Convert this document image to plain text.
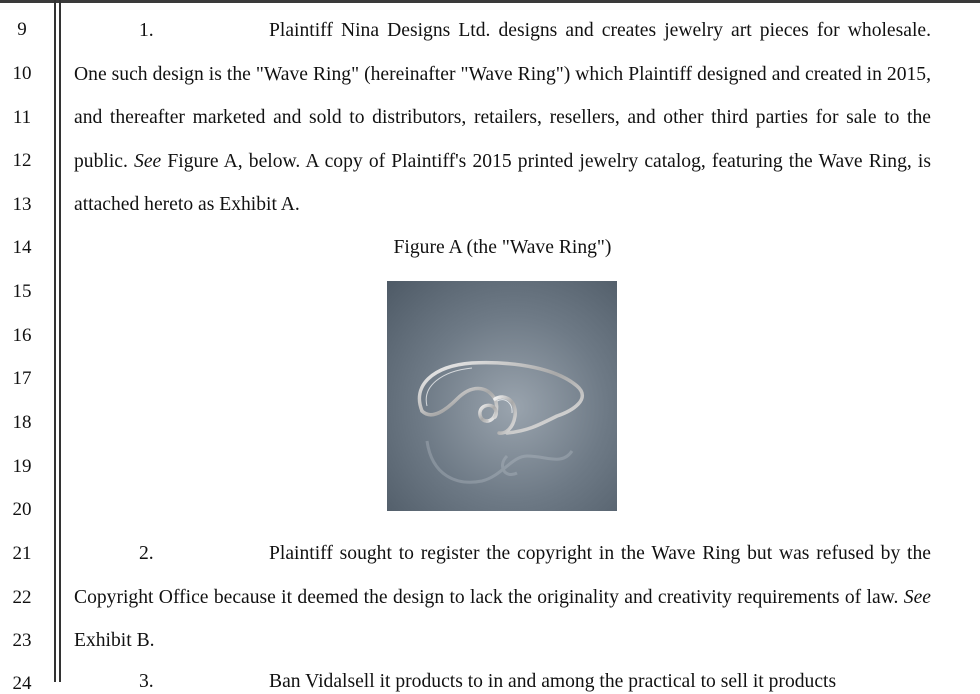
9
10
11
12
13
14
15
16
17
18
19
20
21
22
23
24

1.	Plaintiff Nina Designs Ltd. designs and creates jewelry art pieces for wholesale. One such design is the "Wave Ring" (hereinafter "Wave Ring") which Plaintiff designed and created in 2015, and thereafter marketed and sold to distributors, retailers, resellers, and other third parties for sale to the public. See Figure A, below. A copy of Plaintiff's 2015 printed jewelry catalog, featuring the Wave Ring, is attached hereto as Exhibit A.

Figure A (the "Wave Ring")

2.	Plaintiff sought to register the copyright in the Wave Ring but was refused by the Copyright Office because it deemed the design to lack the originality and creativity requirements of law. See Exhibit B.

3.	Ban Vidalsell it products to in and among the practical to sell it products
